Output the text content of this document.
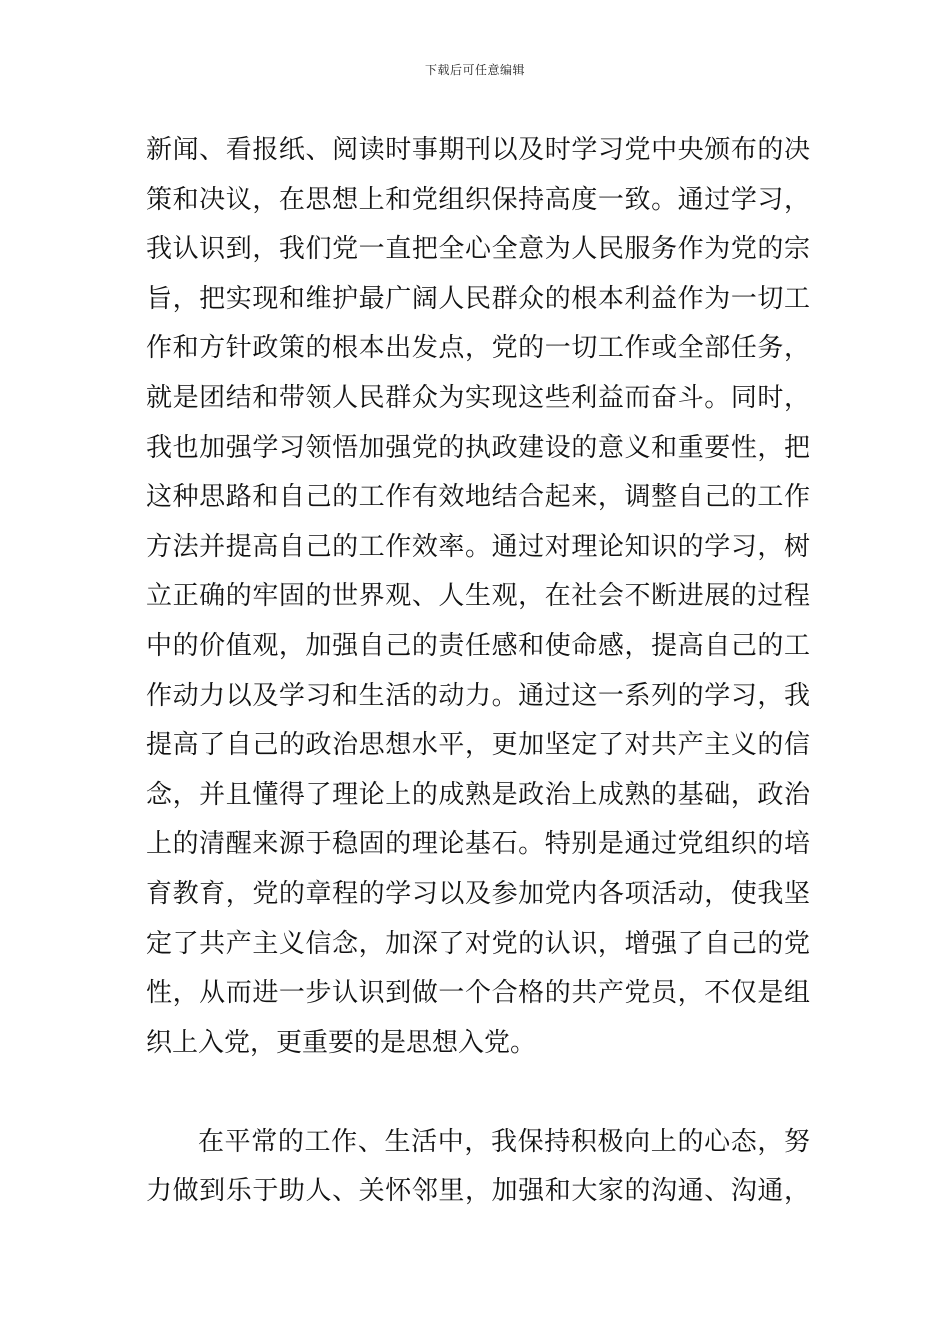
下载后可任意编辑
新闻、看报纸、阅读时事期刊以及时学习党中央颁布的决
策和决议，在思想上和党组织保持高度一致。通过学习，
我认识到，我们党一直把全心全意为人民服务作为党的宗
旨，把实现和维护最广阔人民群众的根本利益作为一切工
作和方针政策的根本出发点，党的一切工作或全部任务，
就是团结和带领人民群众为实现这些利益而奋斗。同时，
我也加强学习领悟加强党的执政建设的意义和重要性，把
这种思路和自己的工作有效地结合起来，调整自己的工作
方法并提高自己的工作效率。通过对理论知识的学习，树
立正确的牢固的世界观、人生观，在社会不断进展的过程
中的价值观，加强自己的责任感和使命感，提高自己的工
作动力以及学习和生活的动力。通过这一系列的学习，我
提高了自己的政治思想水平，更加坚定了对共产主义的信
念，并且懂得了理论上的成熟是政治上成熟的基础，政治
上的清醒来源于稳固的理论基石。特别是通过党组织的培
育教育，党的章程的学习以及参加党内各项活动，使我坚
定了共产主义信念，加深了对党的认识，增强了自己的党
性，从而进一步认识到做一个合格的共产党员，不仅是组
织上入党，更重要的是思想入党。
在平常的工作、生活中，我保持积极向上的心态，努
力做到乐于助人、关怀邻里，加强和大家的沟通、沟通，
